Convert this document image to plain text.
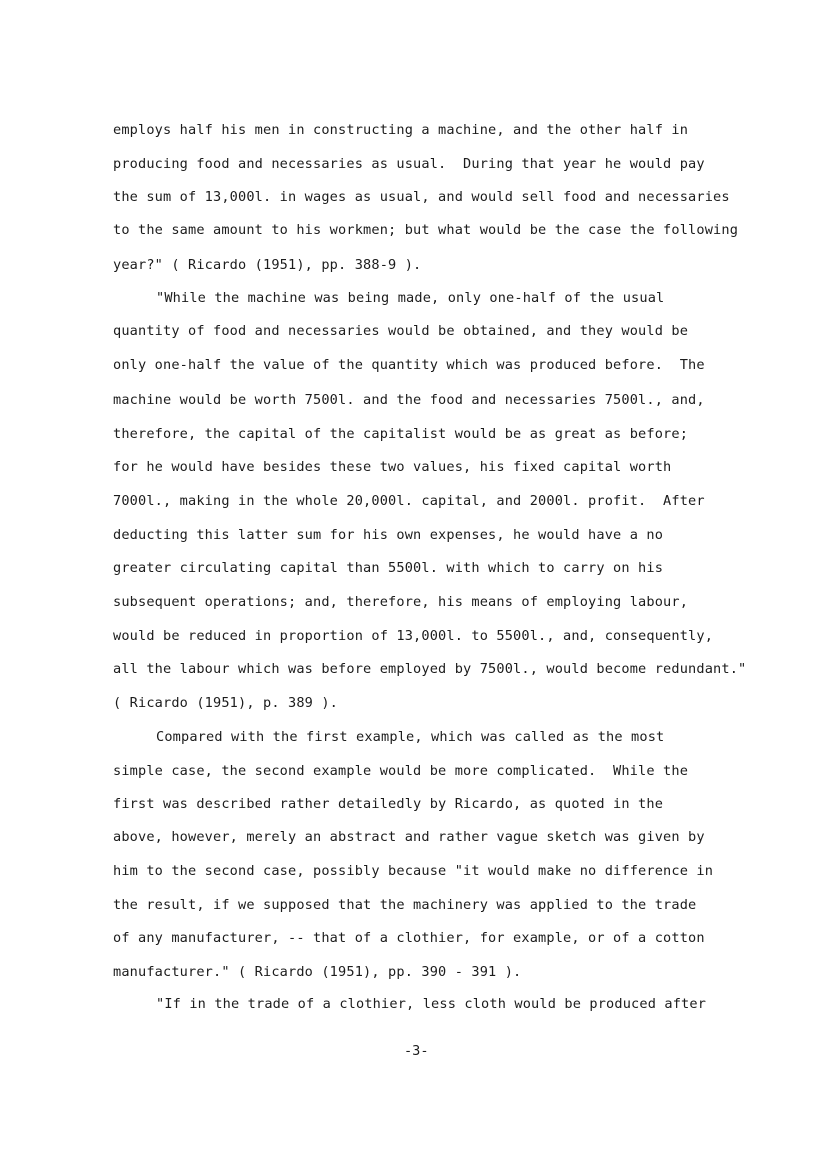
employs half his men in constructing a machine, and the other half in
producing food and necessaries as usual.  During that year he would pay
the sum of 13,000l. in wages as usual, and would sell food and necessaries
to the same amount to his workmen; but what would be the case the following
year?" ( Ricardo (1951), pp. 388-9 ).
"While the machine was being made, only one-half of the usual
quantity of food and necessaries would be obtained, and they would be
only one-half the value of the quantity which was produced before.  The
machine would be worth 7500l. and the food and necessaries 7500l., and,
therefore, the capital of the capitalist would be as great as before;
for he would have besides these two values, his fixed capital worth
7000l., making in the whole 20,000l. capital, and 2000l. profit.  After
deducting this latter sum for his own expenses, he would have a no
greater circulating capital than 5500l. with which to carry on his
subsequent operations; and, therefore, his means of employing labour,
would be reduced in proportion of 13,000l. to 5500l., and, consequently,
all the labour which was before employed by 7500l., would become redundant."
( Ricardo (1951), p. 389 ).
Compared with the first example, which was called as the most
simple case, the second example would be more complicated.  While the
first was described rather detailedly by Ricardo, as quoted in the
above, however, merely an abstract and rather vague sketch was given by
him to the second case, possibly because "it would make no difference in
the result, if we supposed that the machinery was applied to the trade
of any manufacturer, -- that of a clothier, for example, or of a cotton
manufacturer." ( Ricardo (1951), pp. 390 - 391 ).
"If in the trade of a clothier, less cloth would be produced after
-3-
